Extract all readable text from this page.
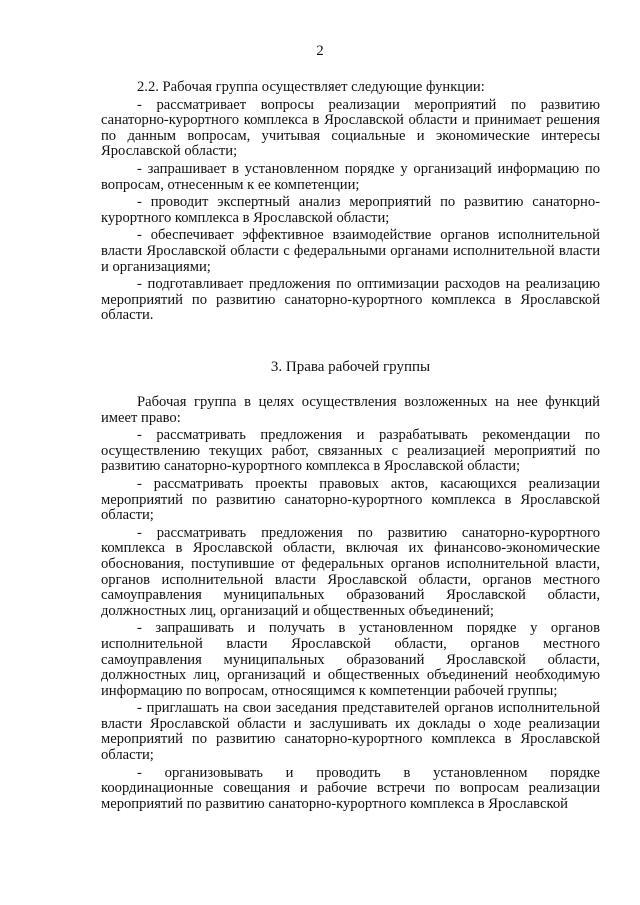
2

2.2. Рабочая группа осуществляет следующие функции:

- рассматривает вопросы реализации мероприятий по развитию санаторно-курортного комплекса в Ярославской области и принимает решения по данным вопросам, учитывая социальные и экономические интересы Ярославской области;

- запрашивает в установленном порядке у организаций информацию по вопросам, отнесенным к ее компетенции;

- проводит экспертный анализ мероприятий по развитию санаторно-курортного комплекса в Ярославской области;

- обеспечивает эффективное взаимодействие органов исполнительной власти Ярославской области с федеральными органами исполнительной власти и организациями;

- подготавливает предложения по оптимизации расходов на реализацию мероприятий по развитию санаторно-курортного комплекса в Ярославской области.

3. Права рабочей группы

Рабочая группа в целях осуществления возложенных на нее функций имеет право:

- рассматривать предложения и разрабатывать рекомендации по осуществлению текущих работ, связанных с реализацией мероприятий по развитию санаторно-курортного комплекса в Ярославской области;

- рассматривать проекты правовых актов, касающихся реализации мероприятий по развитию санаторно-курортного комплекса в Ярославской области;

- рассматривать предложения по развитию санаторно-курортного комплекса в Ярославской области, включая их финансово-экономические обоснования, поступившие от федеральных органов исполнительной власти, органов исполнительной власти Ярославской области, органов местного самоуправления муниципальных образований Ярославской области, должностных лиц, организаций и общественных объединений;

- запрашивать и получать в установленном порядке у органов исполнительной власти Ярославской области, органов местного самоуправления муниципальных образований Ярославской области, должностных лиц, организаций и общественных объединений необходимую информацию по вопросам, относящимся к компетенции рабочей группы;

- приглашать на свои заседания представителей органов исполнительной власти Ярославской области и заслушивать их доклады о ходе реализации мероприятий по развитию санаторно-курортного комплекса в Ярославской области;

- организовывать и проводить в установленном порядке координационные совещания и рабочие встречи по вопросам реализации мероприятий по развитию санаторно-курортного комплекса в Ярославской
